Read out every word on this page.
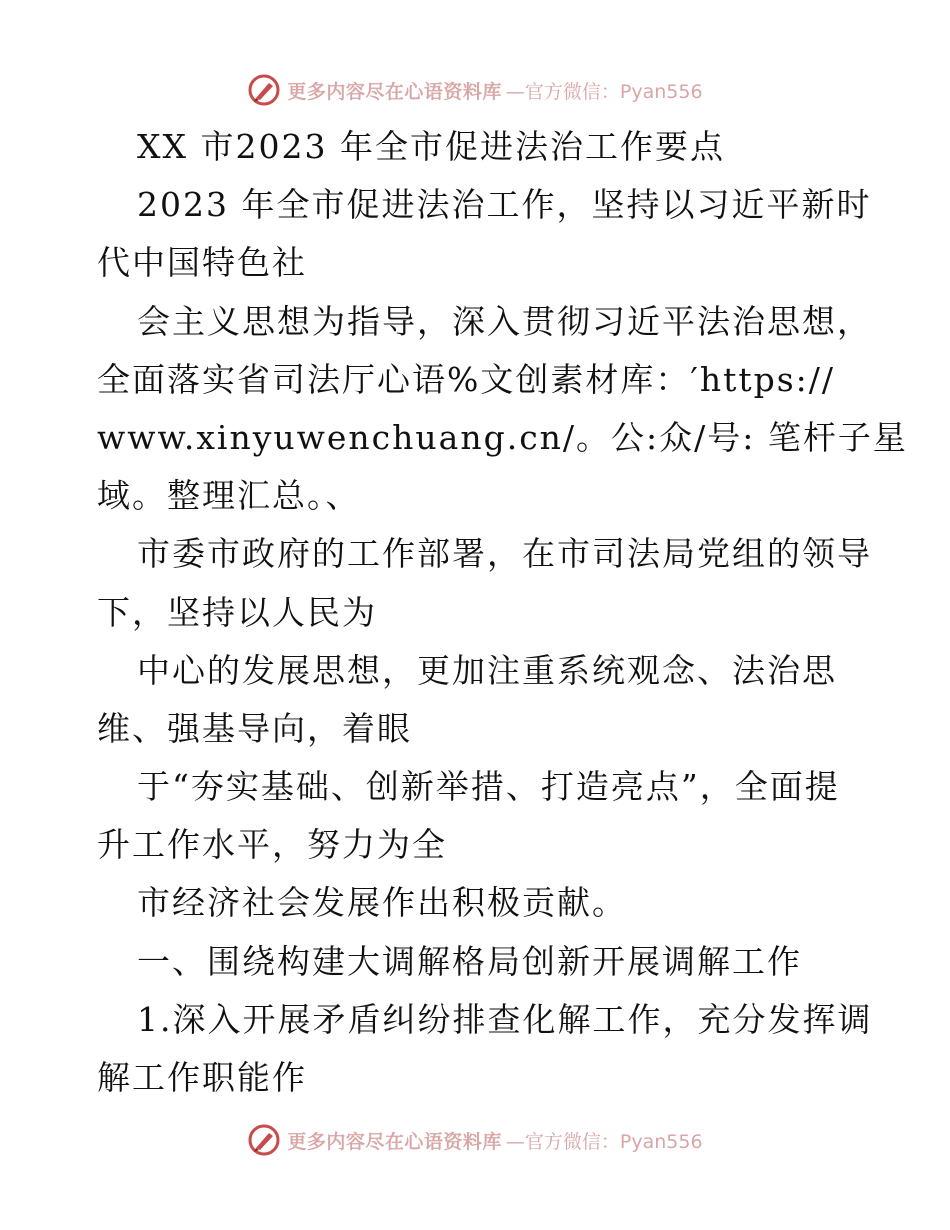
更多内容尽在心语资料库 —官方微信：Pyan556
XX 市2023 年全市促进法治工作要点
2023 年全市促进法治工作，坚持以习近平新时
代中国特色社
会主义思想为指导，深入贯彻习近平法治思想，
全面落实省司法厅心语%文创素材库：′https://
www.xinyuwenchuang.cn/。公:众/号: 笔杆子星
域。整理汇总。、
市委市政府的工作部署，在市司法局党组的领导
下，坚持以人民为
中心的发展思想，更加注重系统观念、法治思
维、强基导向，着眼
于“夯实基础、创新举措、打造亮点”，全面提
升工作水平，努力为全
市经济社会发展作出积极贡献。
一、围绕构建大调解格局创新开展调解工作
1.深入开展矛盾纠纷排查化解工作，充分发挥调
解工作职能作
更多内容尽在心语资料库 —官方微信：Pyan556
